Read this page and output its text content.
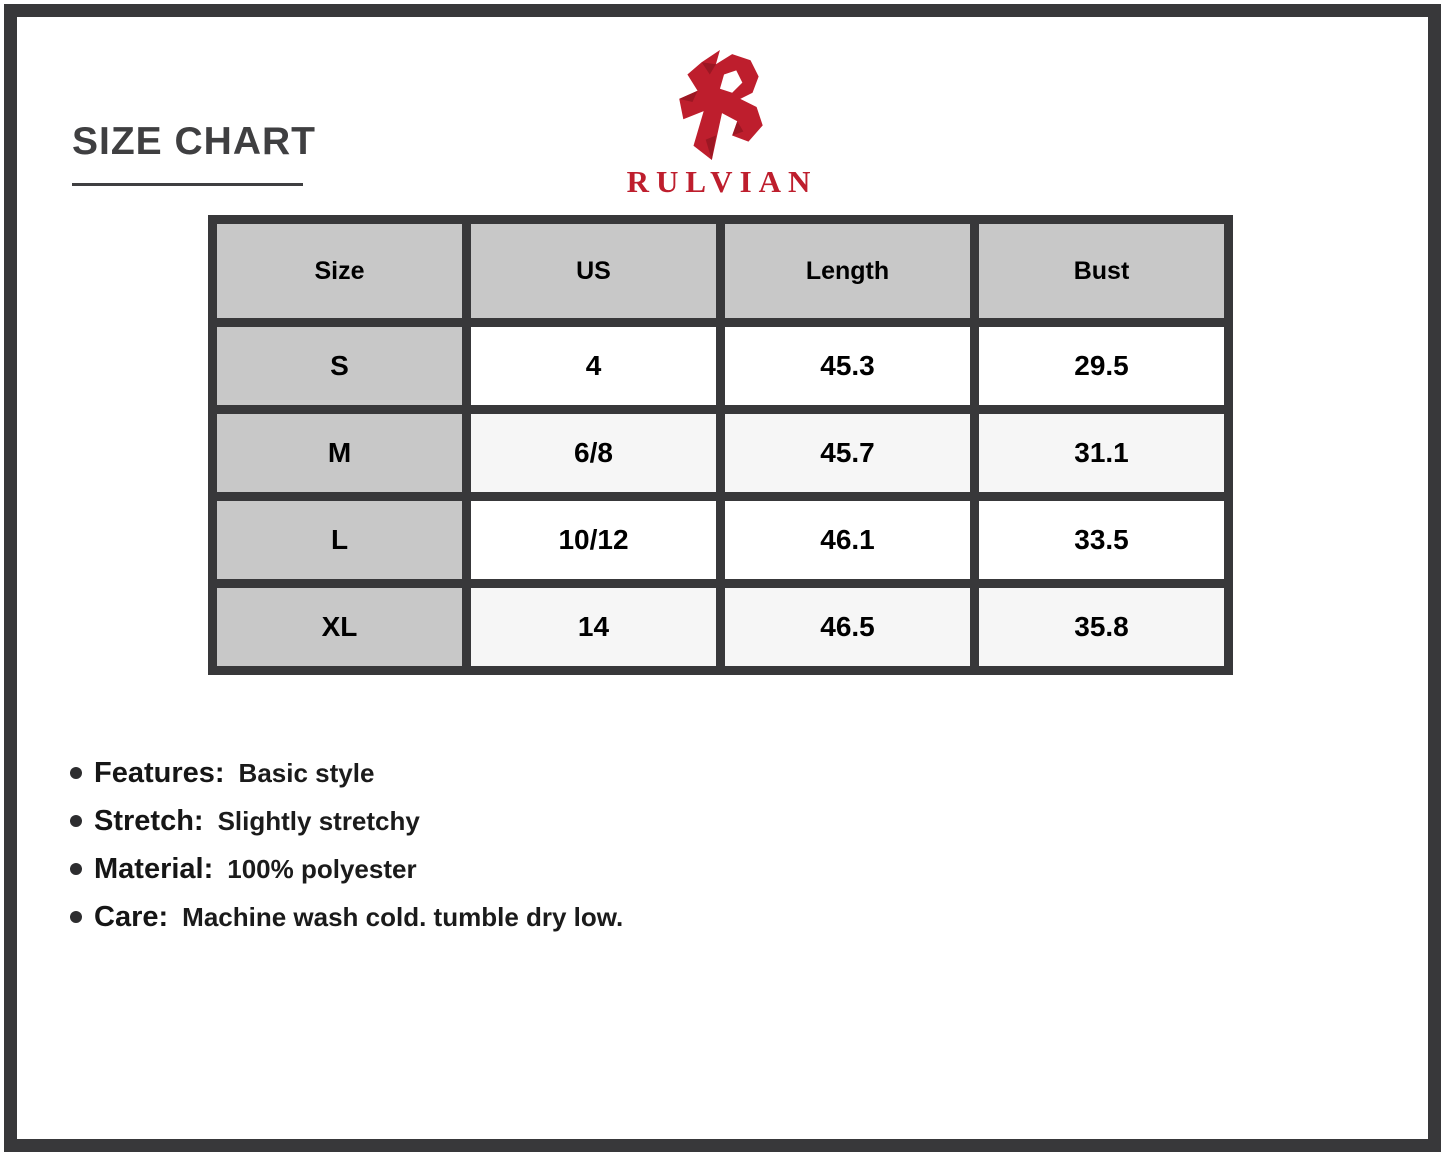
SIZE CHART
RULVIAN
Size	US	Length	Bust
S	4	45.3	29.5
M	6/8	45.7	31.1
L	10/12	46.1	33.5
XL	14	46.5	35.8
Features: Basic style
Stretch: Slightly stretchy
Material: 100% polyester
Care: Machine wash cold. tumble dry low.
